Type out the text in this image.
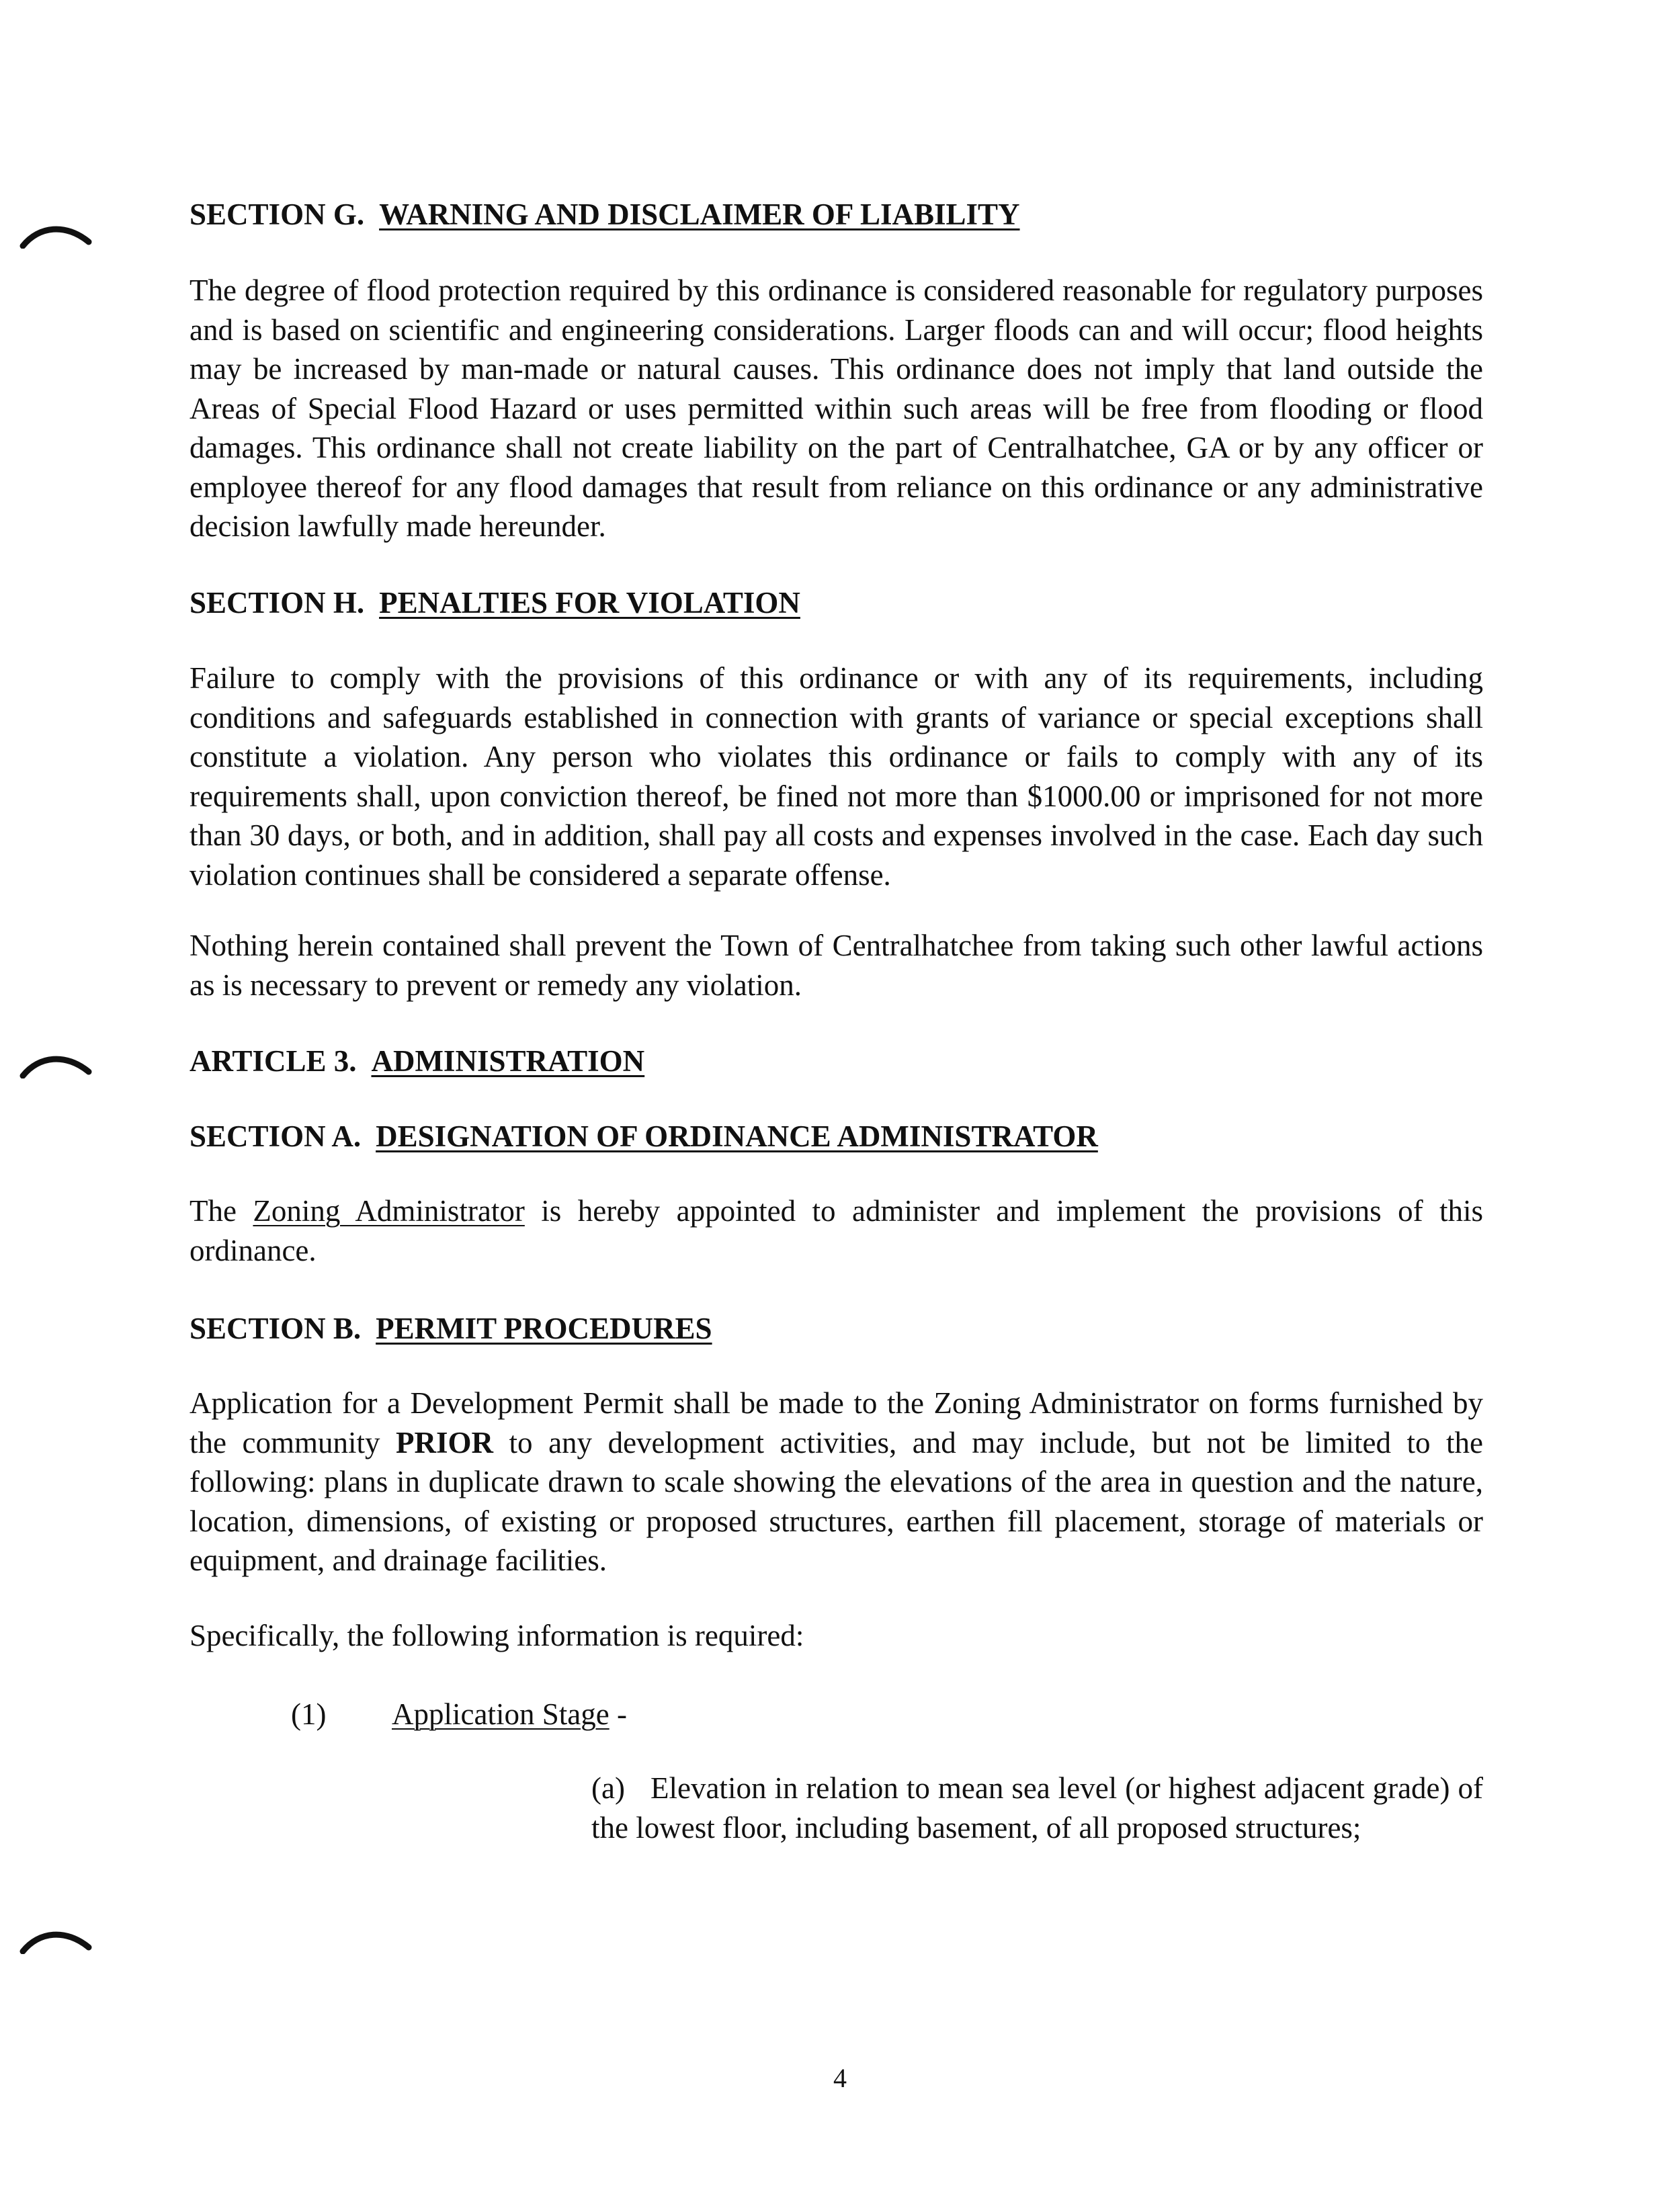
SECTION G. WARNING AND DISCLAIMER OF LIABILITY

The degree of flood protection required by this ordinance is considered reasonable for regulatory purposes and is based on scientific and engineering considerations. Larger floods can and will occur; flood heights may be increased by man-made or natural causes. This ordinance does not imply that land outside the Areas of Special Flood Hazard or uses permitted within such areas will be free from flooding or flood damages. This ordinance shall not create liability on the part of Centralhatchee, GA or by any officer or employee thereof for any flood damages that result from reliance on this ordinance or any administrative decision lawfully made hereunder.

SECTION H. PENALTIES FOR VIOLATION

Failure to comply with the provisions of this ordinance or with any of its requirements, including conditions and safeguards established in connection with grants of variance or special exceptions shall constitute a violation. Any person who violates this ordinance or fails to comply with any of its requirements shall, upon conviction thereof, be fined not more than $1000.00 or imprisoned for not more than 30 days, or both, and in addition, shall pay all costs and expenses involved in the case. Each day such violation continues shall be considered a separate offense.

Nothing herein contained shall prevent the Town of Centralhatchee from taking such other lawful actions as is necessary to prevent or remedy any violation.

ARTICLE 3. ADMINISTRATION
SECTION A. DESIGNATION OF ORDINANCE ADMINISTRATOR

The Zoning Administrator is hereby appointed to administer and implement the provisions of this ordinance.

SECTION B. PERMIT PROCEDURES

Application for a Development Permit shall be made to the Zoning Administrator on forms furnished by the community PRIOR to any development activities, and may include, but not be limited to the following: plans in duplicate drawn to scale showing the elevations of the area in question and the nature, location, dimensions, of existing or proposed structures, earthen fill placement, storage of materials or equipment, and drainage facilities.

Specifically, the following information is required:

(1) Application Stage -

(a) Elevation in relation to mean sea level (or highest adjacent grade) of the lowest floor, including basement, of all proposed structures;

4
